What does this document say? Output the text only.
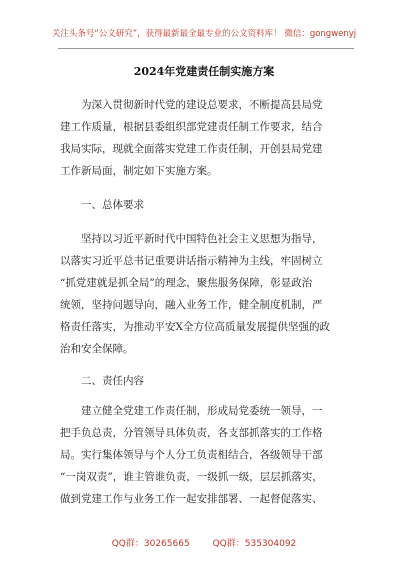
关注头条号“公文研究”，获得最新最全最专业的公文资料库！ 微信：gongwenyj
2024年党建责任制实施方案
为深入贯彻新时代党的建设总要求，不断提高县局党
建工作质量，根据县委组织部党建责任制工作要求，结合
我局实际，现就全面落实党建工作责任制，开创县局党建
工作新局面，制定如下实施方案。
一、总体要求
坚持以习近平新时代中国特色社会主义思想为指导，
以落实习近平总书记重要讲话指示精神为主线，牢固树立
“抓党建就是抓全局”的理念，聚焦服务保障，彰显政治
统领，坚持问题导向，融入业务工作，健全制度机制，严
格责任落实，为推动平安X全方位高质量发展提供坚强的政
治和安全保障。
二、责任内容
建立健全党建工作责任制，形成局党委统一领导，一
把手负总责，分管领导具体负责，各支部抓落实的工作格
局。实行集体领导与个人分工负责相结合，各级领导干部
“一岗双责”，谁主管谁负责，一级抓一级，层层抓落实，
做到党建工作与业务工作一起安排部署、一起督促落实、
QQ群：30265665	QQ群：535304092
